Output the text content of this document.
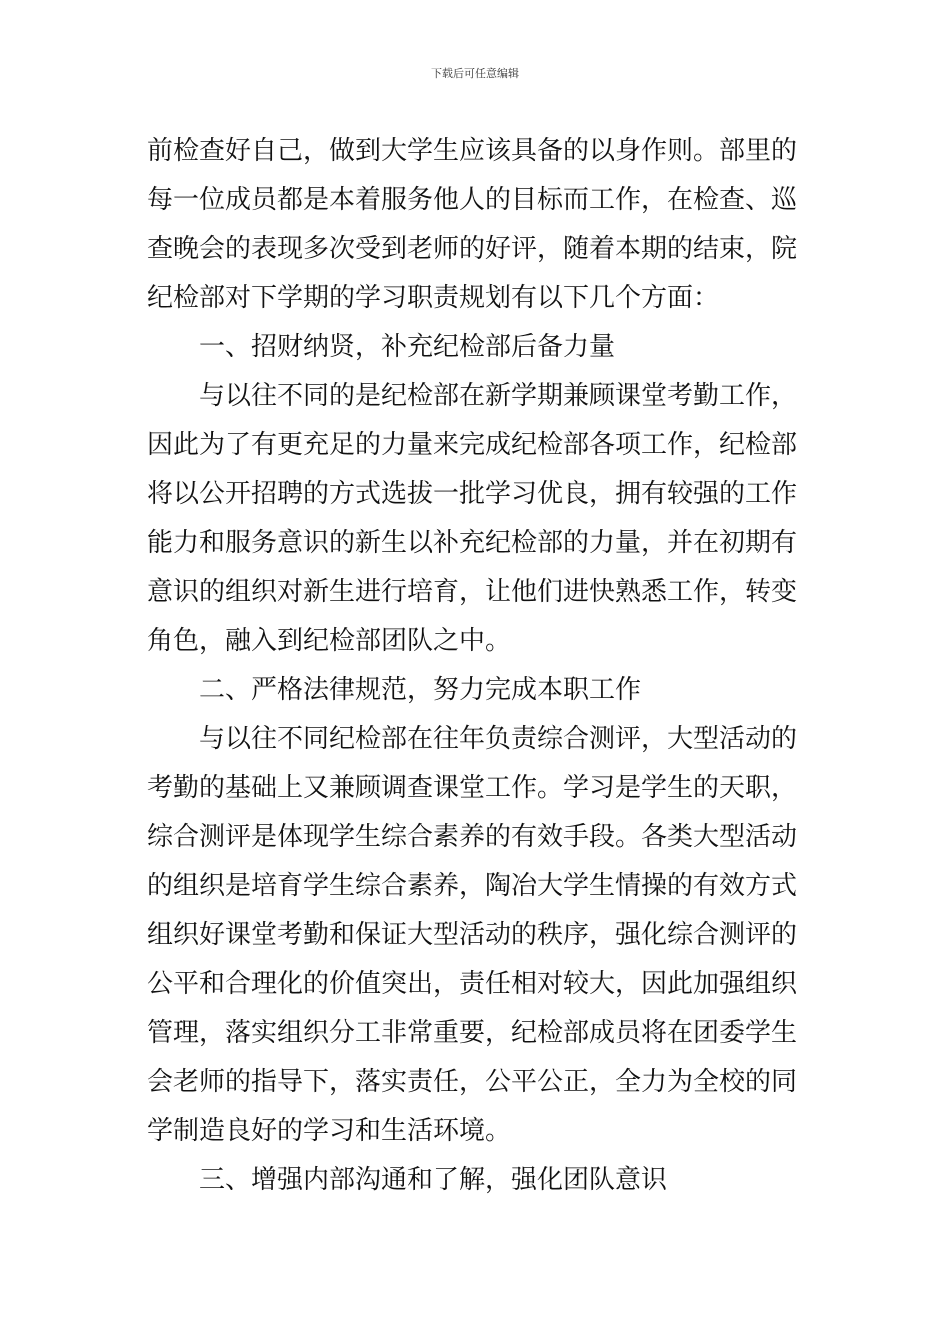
下载后可任意编辑
前检查好自己，做到大学生应该具备的以身作则。部里的
每一位成员都是本着服务他人的目标而工作，在检查、巡
查晚会的表现多次受到老师的好评，随着本期的结束，院
纪检部对下学期的学习职责规划有以下几个方面：
一、招财纳贤，补充纪检部后备力量
与以往不同的是纪检部在新学期兼顾课堂考勤工作，
因此为了有更充足的力量来完成纪检部各项工作，纪检部
将以公开招聘的方式选拔一批学习优良，拥有较强的工作
能力和服务意识的新生以补充纪检部的力量，并在初期有
意识的组织对新生进行培育，让他们进快熟悉工作，转变
角色，融入到纪检部团队之中。
二、严格法律规范，努力完成本职工作
与以往不同纪检部在往年负责综合测评，大型活动的
考勤的基础上又兼顾调查课堂工作。学习是学生的天职，
综合测评是体现学生综合素养的有效手段。各类大型活动
的组织是培育学生综合素养，陶冶大学生情操的有效方式
组织好课堂考勤和保证大型活动的秩序，强化综合测评的
公平和合理化的价值突出，责任相对较大，因此加强组织
管理，落实组织分工非常重要，纪检部成员将在团委学生
会老师的指导下，落实责任，公平公正，全力为全校的同
学制造良好的学习和生活环境。
三、增强内部沟通和了解，强化团队意识
